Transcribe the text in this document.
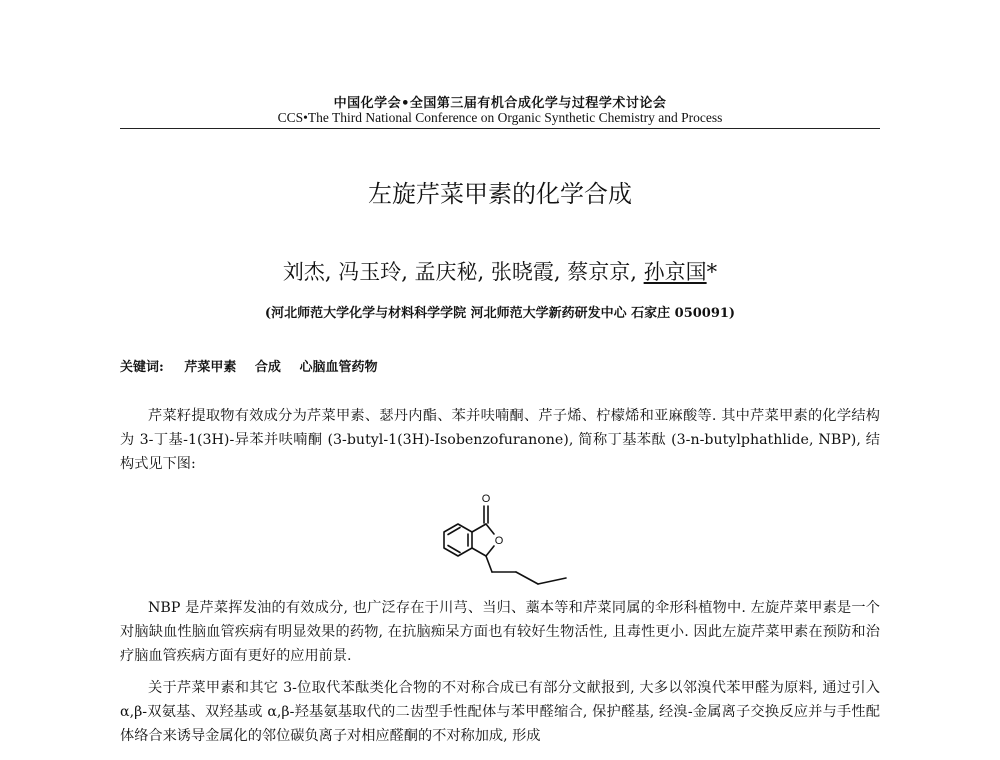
中国化学会•全国第三届有机合成化学与过程学术讨论会
CCS•The Third National Conference on Organic Synthetic Chemistry and Process
左旋芹菜甲素的化学合成
刘杰, 冯玉玲, 孟庆秘, 张晓霞, 蔡京京, 孙京国*
(河北师范大学化学与材料科学学院 河北师范大学新药研发中心 石家庄 050091)
关键词: 芹菜甲素 合成 心脑血管药物

芹菜籽提取物有效成分为芹菜甲素、瑟丹内酯、苯并呋喃酮、芹子烯、柠檬烯和亚麻酸等. 其中芹菜甲素的化学结构为 3-丁基-1(3H)-异苯并呋喃酮 (3-butyl-1(3H)-Isobenzofuranone), 简称丁基苯酞 (3-n-butylphathlide, NBP), 结构式见下图:

O
O

NBP 是芹菜挥发油的有效成分, 也广泛存在于川芎、当归、藁本等和芹菜同属的伞形科植物中. 左旋芹菜甲素是一个对脑缺血性脑血管疾病有明显效果的药物, 在抗脑痴呆方面也有较好生物活性, 且毒性更小. 因此左旋芹菜甲素在预防和治疗脑血管疾病方面有更好的应用前景.

关于芹菜甲素和其它 3-位取代苯酞类化合物的不对称合成已有部分文献报到, 大多以邻溴代苯甲醛为原料, 通过引入 α,β-双氨基、双羟基或 α,β-羟基氨基取代的二齿型手性配体与苯甲醛缩合, 保护醛基, 经溴-金属离子交换反应并与手性配体络合来诱导金属化的邻位碳负离子对相应醛酮的不对称加成, 形成
